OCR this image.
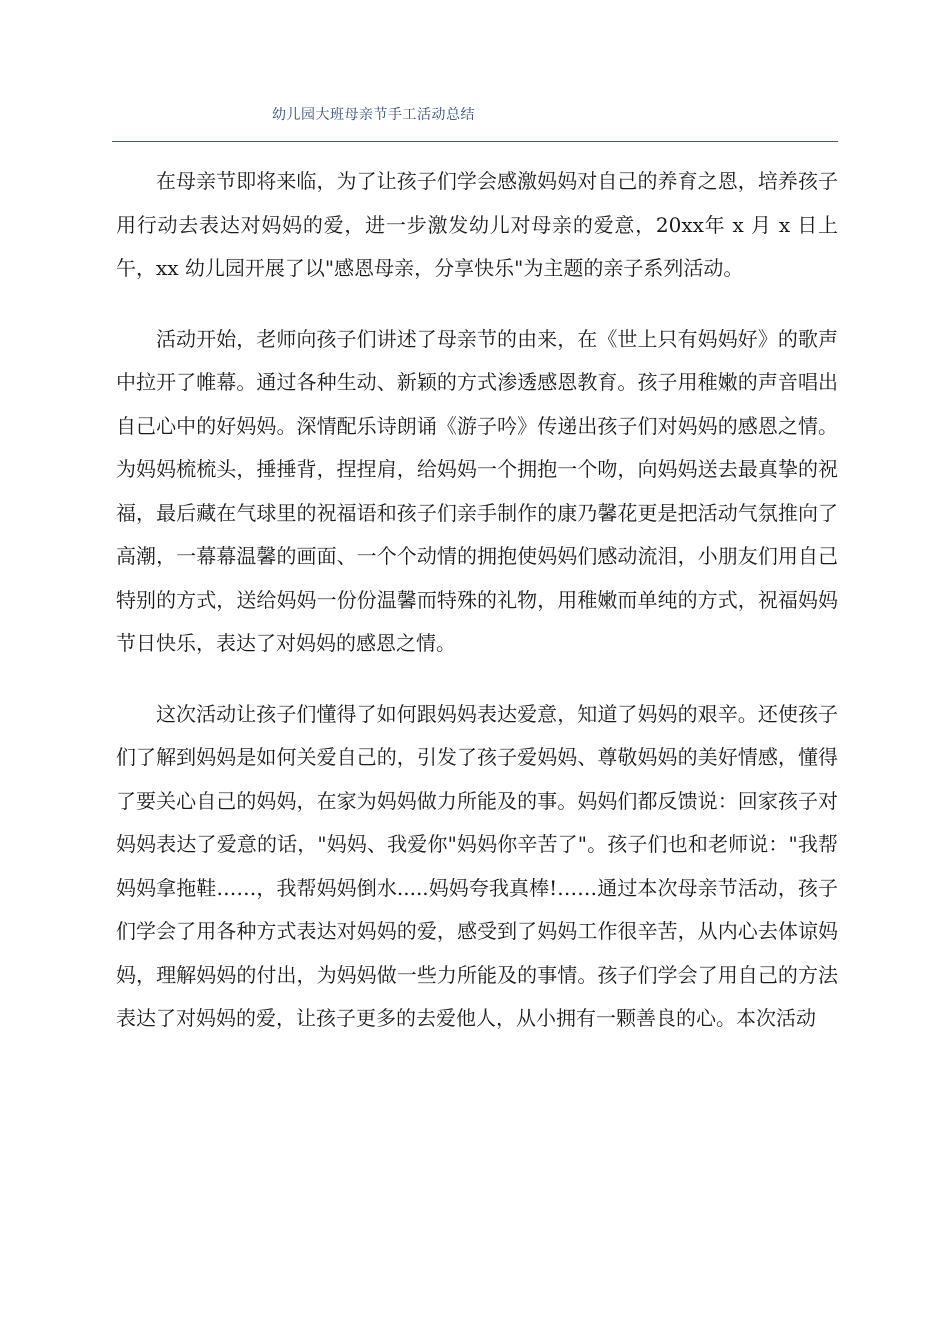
幼儿园大班母亲节手工活动总结

在母亲节即将来临，为了让孩子们学会感激妈妈对自己的养育之恩，培养孩子用行动去表达对妈妈的爱，进一步激发幼儿对母亲的爱意，20xx年 x 月 x 日上午，xx 幼儿园开展了以"感恩母亲，分享快乐"为主题的亲子系列活动。

活动开始，老师向孩子们讲述了母亲节的由来，在《世上只有妈妈好》的歌声中拉开了帷幕。通过各种生动、新颖的方式渗透感恩教育。孩子用稚嫩的声音唱出自己心中的好妈妈。深情配乐诗朗诵《游子吟》传递出孩子们对妈妈的感恩之情。为妈妈梳梳头，捶捶背，捏捏肩，给妈妈一个拥抱一个吻，向妈妈送去最真挚的祝福，最后藏在气球里的祝福语和孩子们亲手制作的康乃馨花更是把活动气氛推向了高潮，一幕幕温馨的画面、一个个动情的拥抱使妈妈们感动流泪，小朋友们用自己特别的方式，送给妈妈一份份温馨而特殊的礼物，用稚嫩而单纯的方式，祝福妈妈节日快乐，表达了对妈妈的感恩之情。

这次活动让孩子们懂得了如何跟妈妈表达爱意，知道了妈妈的艰辛。还使孩子们了解到妈妈是如何关爱自己的，引发了孩子爱妈妈、尊敬妈妈的美好情感，懂得了要关心自己的妈妈，在家为妈妈做力所能及的事。妈妈们都反馈说：回家孩子对妈妈表达了爱意的话，"妈妈、我爱你"妈妈你辛苦了"。孩子们也和老师说："我帮妈妈拿拖鞋……，我帮妈妈倒水.....妈妈夸我真棒!……通过本次母亲节活动，孩子们学会了用各种方式表达对妈妈的爱，感受到了妈妈工作很辛苦，从内心去体谅妈妈，理解妈妈的付出，为妈妈做一些力所能及的事情。孩子们学会了用自己的方法表达了对妈妈的爱，让孩子更多的去爱他人，从小拥有一颗善良的心。本次活动
